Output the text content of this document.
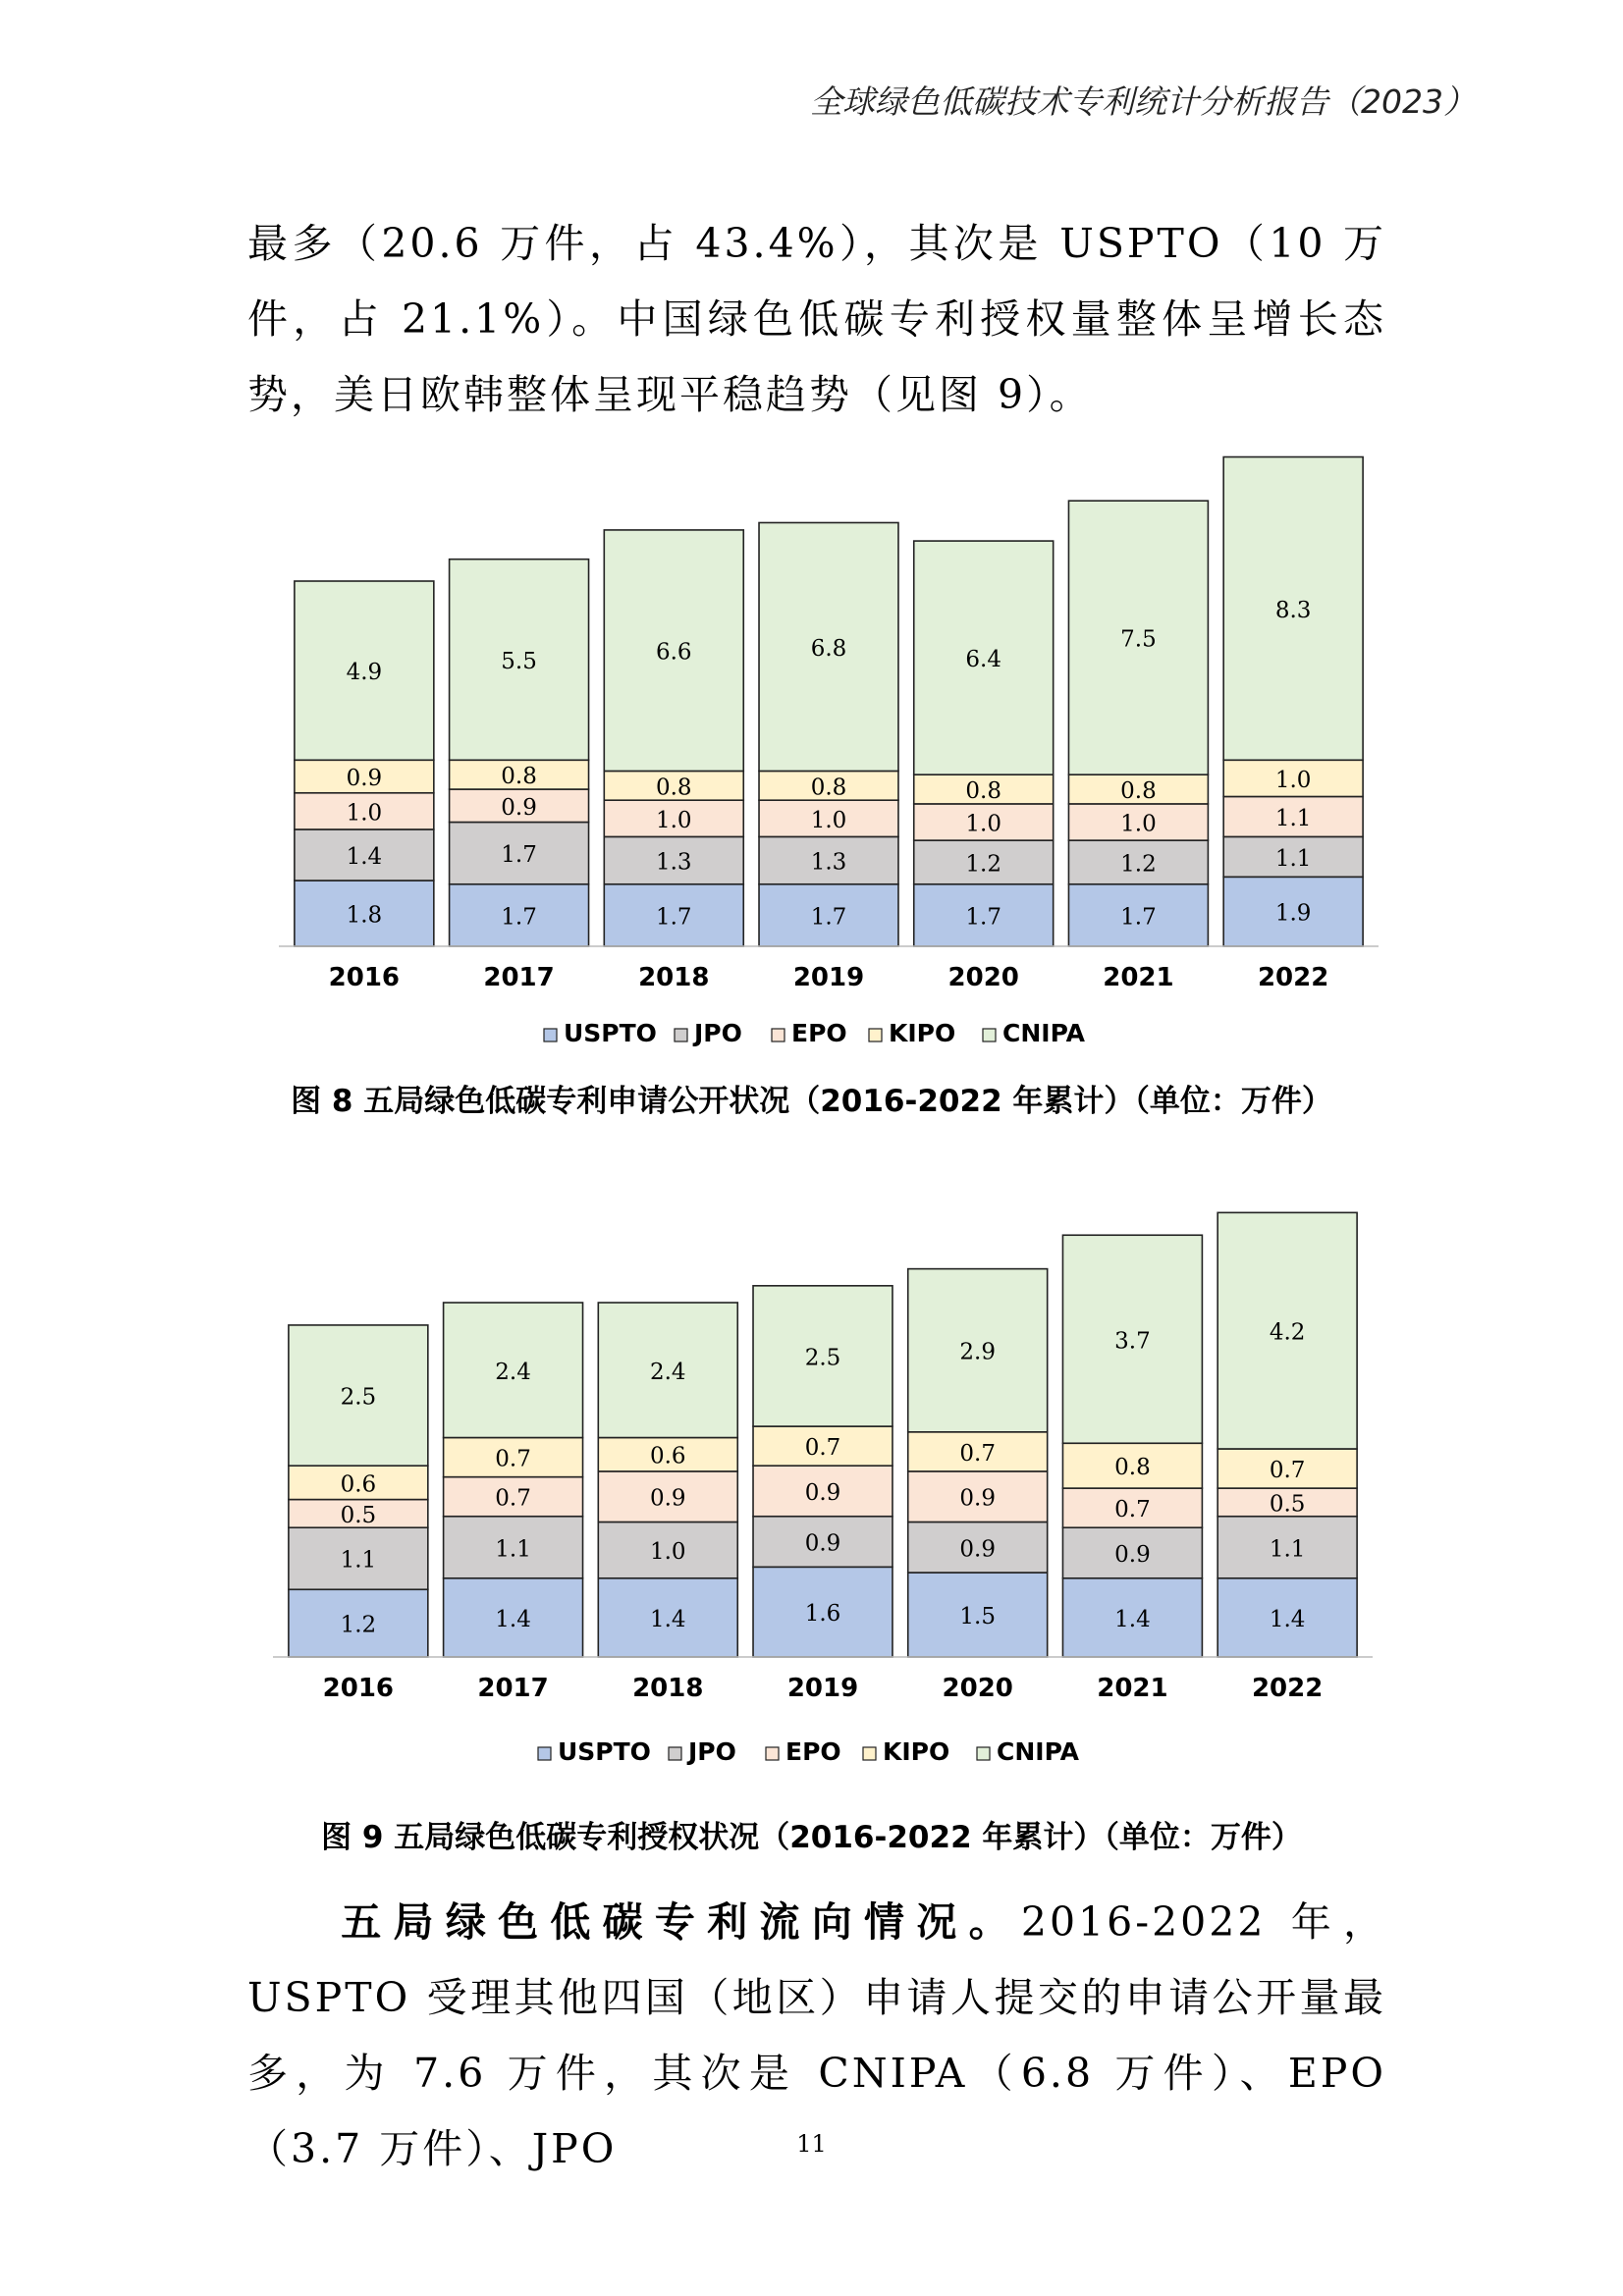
全球绿色低碳技术专利统计分析报告（2023）
最多（20.6 万件，占 43.4%），其次是 USPTO（10 万件，占 21.1%）。中国绿色低碳专利授权量整体呈增长态势，美日欧韩整体呈现平稳趋势（见图 9）。
1.8
1.4
1.0
0.9
4.9
2016
1.7
1.7
0.9
0.8
5.5
2017
1.7
1.3
1.0
0.8
6.6
2018
1.7
1.3
1.0
0.8
6.8
2019
1.7
1.2
1.0
0.8
6.4
2020
1.7
1.2
1.0
0.8
7.5
2021
1.9
1.1
1.1
1.0
8.3
2022
USPTO JPO EPO KIPO CNIPA
图 8 五局绿色低碳专利申请公开状况（2016-2022 年累计）（单位：万件）
1.2
1.1
0.5
0.6
2.5
2016
1.4
1.1
0.7
0.7
2.4
2017
1.4
1.0
0.9
0.6
2.4
2018
1.6
0.9
0.9
0.7
2.5
2019
1.5
0.9
0.9
0.7
2.9
2020
1.4
0.9
0.7
0.8
3.7
2021
1.4
1.1
0.5
0.7
4.2
2022
USPTO JPO EPO KIPO CNIPA
图 9 五局绿色低碳专利授权状况（2016-2022 年累计）（单位：万件）
五局绿色低碳专利流向情况。2016-2022 年，USPTO 受理其他四国（地区）申请人提交的申请公开量最多，为 7.6 万件，其次是 CNIPA（6.8 万件）、EPO（3.7 万件）、JPO	11
